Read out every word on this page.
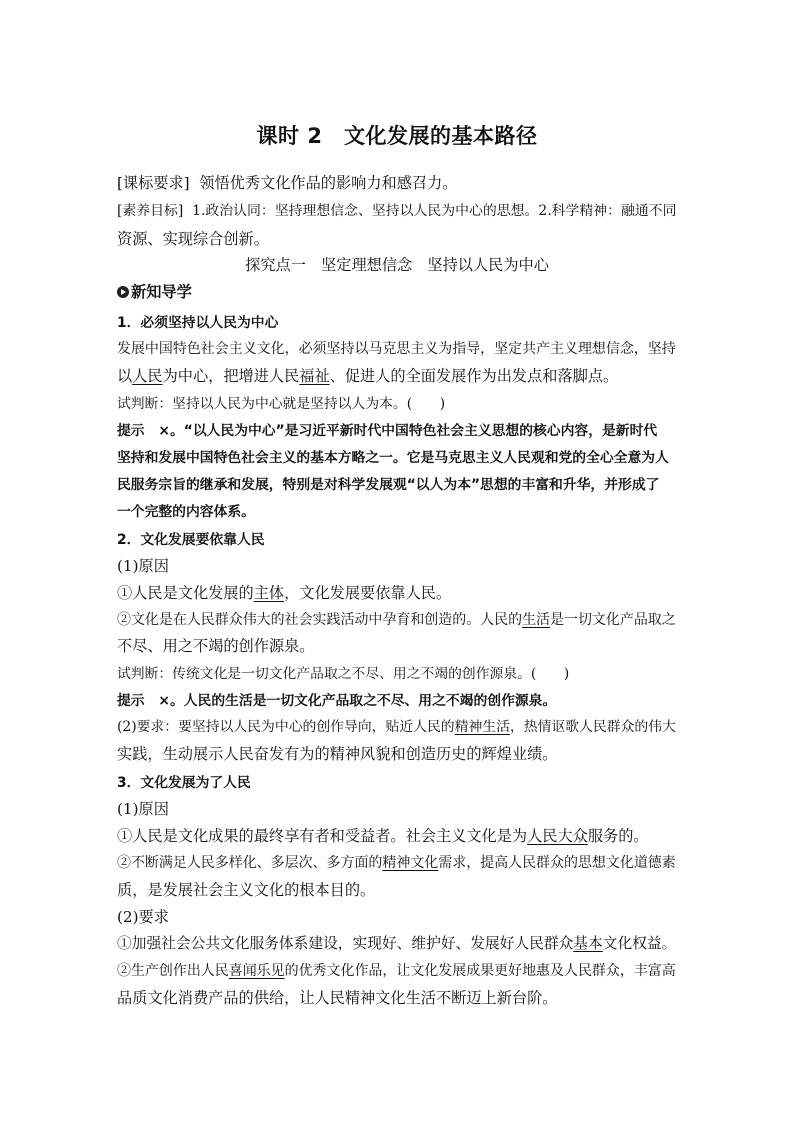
课时 2　文化发展的基本路径
[课标要求] 领悟优秀文化作品的影响力和感召力。
[素养目标] 1.政治认同：坚持理想信念、坚持以人民为中心的思想。2.科学精神：融通不同
资源、实现综合创新。
探究点一　坚定理想信念　坚持以人民为中心
新知导学
1．必须坚持以人民为中心
发展中国特色社会主义文化，必须坚持以马克思主义为指导，坚定共产主义理想信念，坚持
以人民为中心，把增进人民福祉、促进人的全面发展作为出发点和落脚点。
试判断：坚持以人民为中心就是坚持以人为本。(　　)
提示　×。“以人民为中心”是习近平新时代中国特色社会主义思想的核心内容，是新时代
坚持和发展中国特色社会主义的基本方略之一。它是马克思主义人民观和党的全心全意为人
民服务宗旨的继承和发展，特别是对科学发展观“以人为本”思想的丰富和升华，并形成了
一个完整的内容体系。
2．文化发展要依靠人民
(1)原因
①人民是文化发展的主体，文化发展要依靠人民。
②文化是在人民群众伟大的社会实践活动中孕育和创造的。人民的生活是一切文化产品取之
不尽、用之不竭的创作源泉。
试判断：传统文化是一切文化产品取之不尽、用之不竭的创作源泉。(　　)
提示　×。人民的生活是一切文化产品取之不尽、用之不竭的创作源泉。
(2)要求：要坚持以人民为中心的创作导向，贴近人民的精神生活，热情讴歌人民群众的伟大
实践，生动展示人民奋发有为的精神风貌和创造历史的辉煌业绩。
3．文化发展为了人民
(1)原因
①人民是文化成果的最终享有者和受益者。社会主义文化是为人民大众服务的。
②不断满足人民多样化、多层次、多方面的精神文化需求，提高人民群众的思想文化道德素
质，是发展社会主义文化的根本目的。
(2)要求
①加强社会公共文化服务体系建设，实现好、维护好、发展好人民群众基本文化权益。
②生产创作出人民喜闻乐见的优秀文化作品，让文化发展成果更好地惠及人民群众，丰富高
品质文化消费产品的供给，让人民精神文化生活不断迈上新台阶。
